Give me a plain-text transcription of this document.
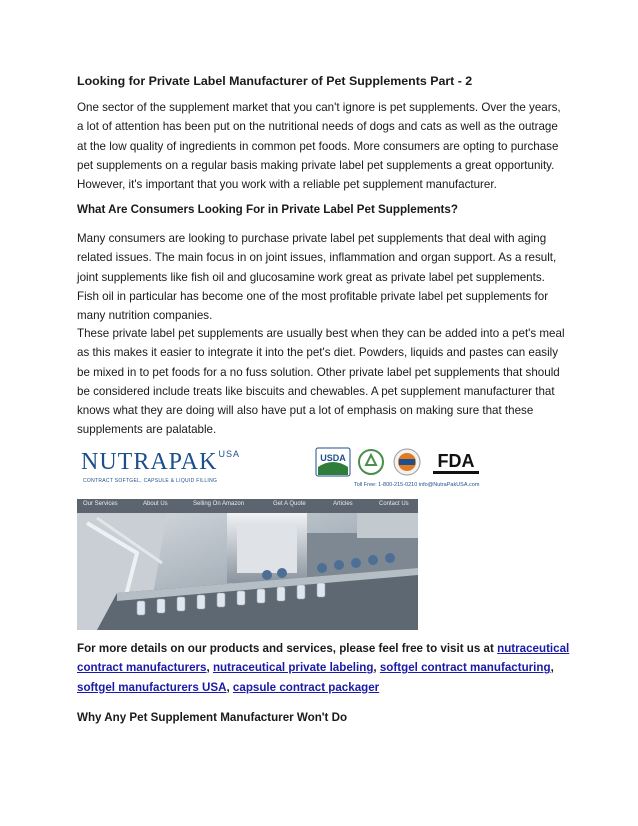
Looking for Private Label Manufacturer of Pet Supplements Part - 2

One sector of the supplement market that you can't ignore is pet supplements. Over the years,
a lot of attention has been put on the nutritional needs of dogs and cats as well as the outrage
at the low quality of ingredients in common pet foods. More consumers are opting to purchase
pet supplements on a regular basis making private label pet supplements a great opportunity.
However, it's important that you work with a reliable pet supplement manufacturer.

What Are Consumers Looking For in Private Label Pet Supplements?

Many consumers are looking to purchase private label pet supplements that deal with aging
related issues. The main focus in on joint issues, inflammation and organ support. As a result,
joint supplements like fish oil and glucosamine work great as private label pet supplements.
Fish oil in particular has become one of the most profitable private label pet supplements for
many nutrition companies.

These private label pet supplements are usually best when they can be added into a pet's meal
as this makes it easier to integrate it into the pet's diet. Powders, liquids and pastes can easily
be mixed in to pet foods for a no fuss solution. Other private label pet supplements that should
be considered include treats like biscuits and chewables. A pet supplement manufacturer that
knows what they are doing will also have put a lot of emphasis on making sure that these
supplements are palatable.

For more details on our products and services, please feel free to visit us at nutraceutical
contract manufacturers, nutraceutical private labeling, softgel contract manufacturing,
softgel manufacturers USA, capsule contract packager

Why Any Pet Supplement Manufacturer Won't Do
$NUTRAPAK^{USA}$
CONTRACT SOFTGEL, CAPSULE & LIQUID FILLING
USDA	FDA
Toll Free: 1-800-215-0210 info@NutraPakUSA.com
Our Services	About Us	Selling On Amazon	Get A Quote	Articles	Contact Us
